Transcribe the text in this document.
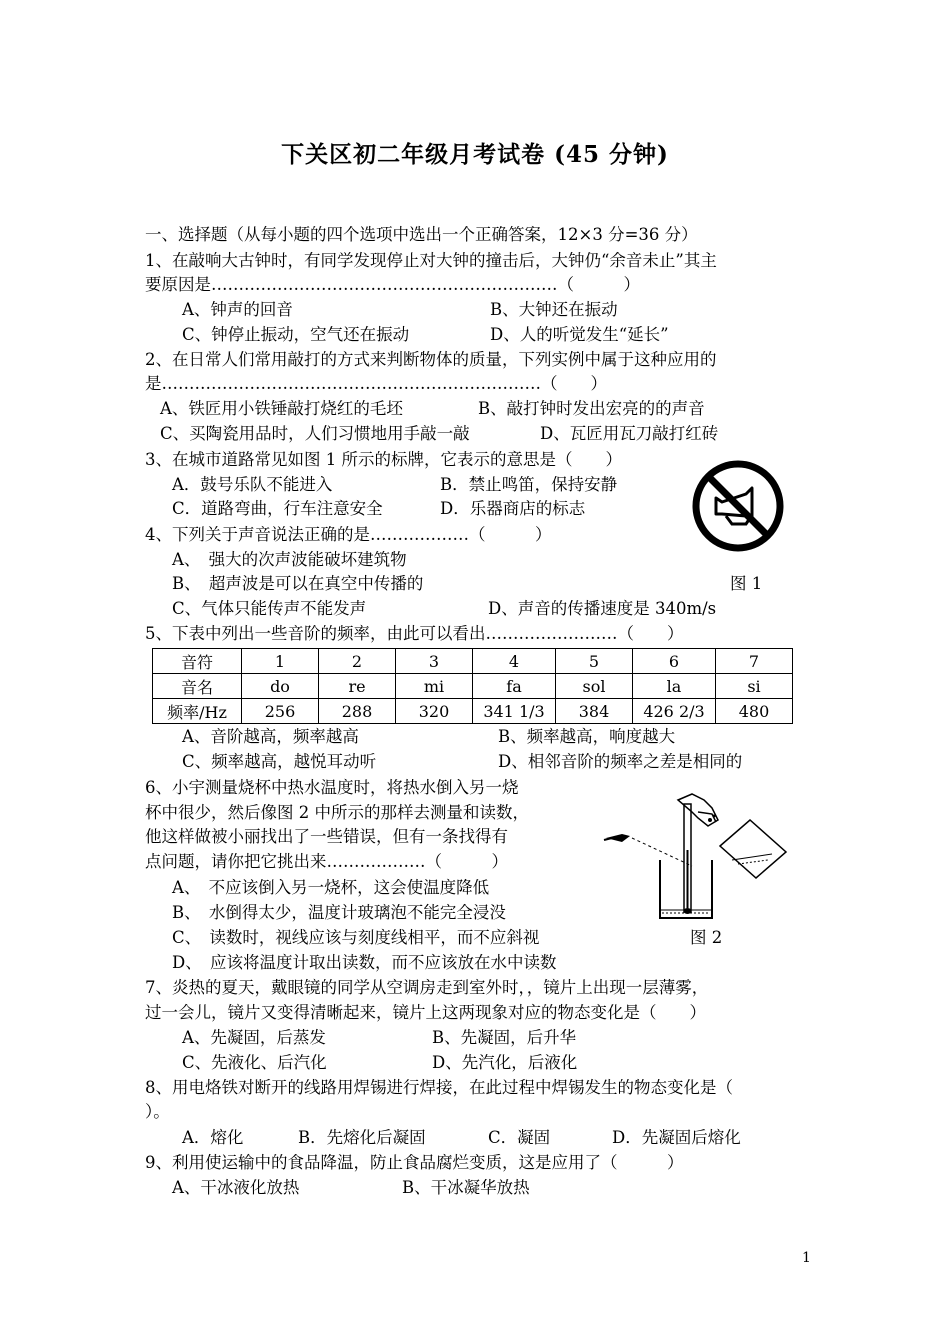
下关区初二年级月考试卷 (45 分钟)
一、选择题（从每小题的四个选项中选出一个正确答案，12×3 分=36 分）
1、在敲响大古钟时，有同学发现停止对大钟的撞击后，大钟仍“余音未止”其主
要原因是………………………………………………………（　　　）
A、钟声的回音	B、大钟还在振动
C、钟停止振动，空气还在振动	D、人的听觉发生“延长”
2、在日常人们常用敲打的方式来判断物体的质量，下列实例中属于这种应用的
是……………………………………………………………（　　）
A、铁匠用小铁锤敲打烧红的毛坯	B、敲打钟时发出宏亮的的声音
C、买陶瓷用品时，人们习惯地用手敲一敲	D、瓦匠用瓦刀敲打红砖
3、在城市道路常见如图 1 所示的标牌，它表示的意思是（　　）
A．鼓号乐队不能进入	B．禁止鸣笛，保持安静
C．道路弯曲，行车注意安全	D．乐器商店的标志
4、下列关于声音说法正确的是………………（　　　）
A、　强大的次声波能破坏建筑物
B、　超声波是可以在真空中传播的	图 1
C、气体只能传声不能发声	D、声音的传播速度是 340m/s
5、下表中列出一些音阶的频率，由此可以看出……………………（　　）
音符	1	2	3	4	5	6	7
音名	do	re	mi	fa	sol	la	si
频率/Hz	256	288	320	341 1/3	384	426 2/3	480
A、音阶越高，频率越高	B、频率越高，响度越大
C、频率越高，越悦耳动听	D、相邻音阶的频率之差是相同的
6、小宇测量烧杯中热水温度时，将热水倒入另一烧
杯中很少，然后像图 2 中所示的那样去测量和读数，
他这样做被小丽找出了一些错误，但有一条找得有
点问题，请你把它挑出来………………（　　　）
A、　不应该倒入另一烧杯，这会使温度降低
B、　水倒得太少，温度计玻璃泡不能完全浸没
C、　读数时，视线应该与刻度线相平，而不应斜视	图 2
D、　应该将温度计取出读数，而不应该放在水中读数
7、炎热的夏天，戴眼镜的同学从空调房走到室外时，，镜片上出现一层薄雾，
过一会儿，镜片又变得清晰起来，镜片上这两现象对应的物态变化是（　　）
A、先凝固，后蒸发	B、先凝固，后升华
C、先液化、后汽化	D、先汽化，后液化
8、用电烙铁对断开的线路用焊锡进行焊接，在此过程中焊锡发生的物态变化是（
）。
A．熔化	B．先熔化后凝固	C．凝固	D．先凝固后熔化
9、利用使运输中的食品降温，防止食品腐烂变质，这是应用了（　　　）
A、干冰液化放热	B、干冰凝华放热
1
